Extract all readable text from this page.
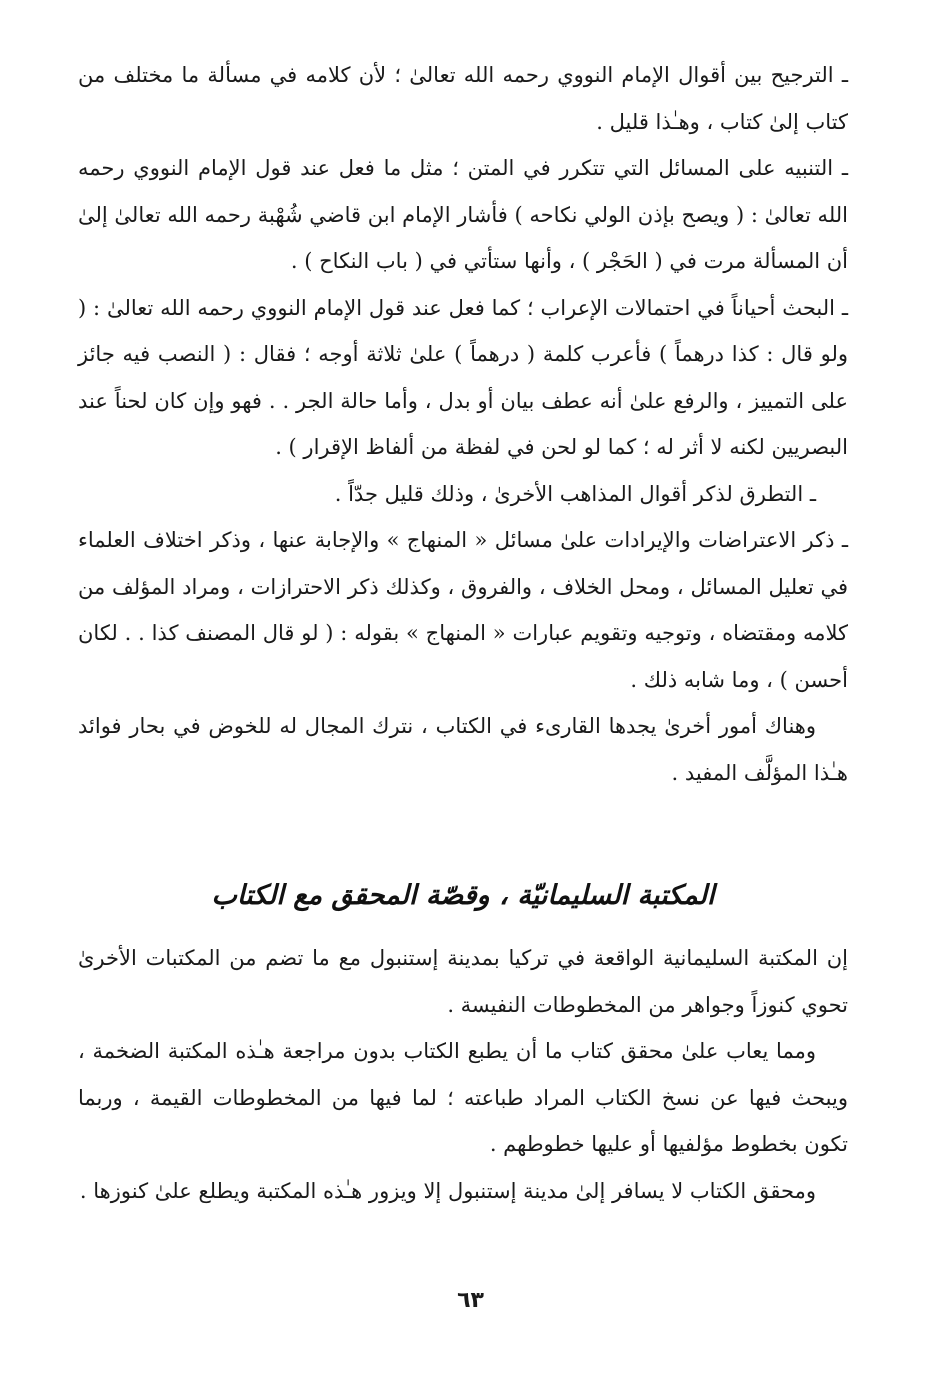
ـ الترجيح بين أقوال الإمام النووي رحمه الله تعالىٰ ؛ لأن كلامه في مسألة ما مختلف من كتاب إلىٰ كتاب ، وهـٰذا قليل .

ـ التنبيه على المسائل التي تتكرر في المتن ؛ مثل ما فعل عند قول الإمام النووي رحمه الله تعالىٰ : ( ويصح بإذن الولي نكاحه ) فأشار الإمام ابن قاضي شُهْبة رحمه الله تعالىٰ إلىٰ أن المسألة مرت في ( الحَجْر ) ، وأنها ستأتي في ( باب النكاح ) .

ـ البحث أحياناً في احتمالات الإعراب ؛ كما فعل عند قول الإمام النووي رحمه الله تعالىٰ : ( ولو قال : كذا درهماً ) فأعرب كلمة ( درهماً ) علىٰ ثلاثة أوجه ؛ فقال : ( النصب فيه جائز على التمييز ، والرفع علىٰ أنه عطف بيان أو بدل ، وأما حالة الجر . . فهو وإن كان لحناً عند البصريين لكنه لا أثر له ؛ كما لو لحن في لفظة من ألفاظ الإقرار ) .

ـ التطرق لذكر أقوال المذاهب الأخرىٰ ، وذلك قليل جدّاً .

ـ ذكر الاعتراضات والإيرادات علىٰ مسائل « المنهاج » والإجابة عنها ، وذكر اختلاف العلماء في تعليل المسائل ، ومحل الخلاف ، والفروق ، وكذلك ذكر الاحترازات ، ومراد المؤلف من كلامه ومقتضاه ، وتوجيه وتقويم عبارات « المنهاج » بقوله : ( لو قال المصنف كذا . . لكان أحسن ) ، وما شابه ذلك .

وهناك أمور أخرىٰ يجدها القارىء في الكتاب ، نترك المجال له للخوض في بحار فوائد هـٰذا المؤلَّف المفيد .

المكتبة السليمانيّة ، وقصّة المحقق مع الكتاب

إن المكتبة السليمانية الواقعة في تركيا بمدينة إستنبول مع ما تضم من المكتبات الأخرىٰ تحوي كنوزاً وجواهر من المخطوطات النفيسة .

ومما يعاب علىٰ محقق كتاب ما أن يطبع الكتاب بدون مراجعة هـٰذه المكتبة الضخمة ، ويبحث فيها عن نسخ الكتاب المراد طباعته ؛ لما فيها من المخطوطات القيمة ، وربما تكون بخطوط مؤلفيها أو عليها خطوطهم .

ومحقق الكتاب لا يسافر إلىٰ مدينة إستنبول إلا ويزور هـٰذه المكتبة ويطلع علىٰ كنوزها .

٦٣
